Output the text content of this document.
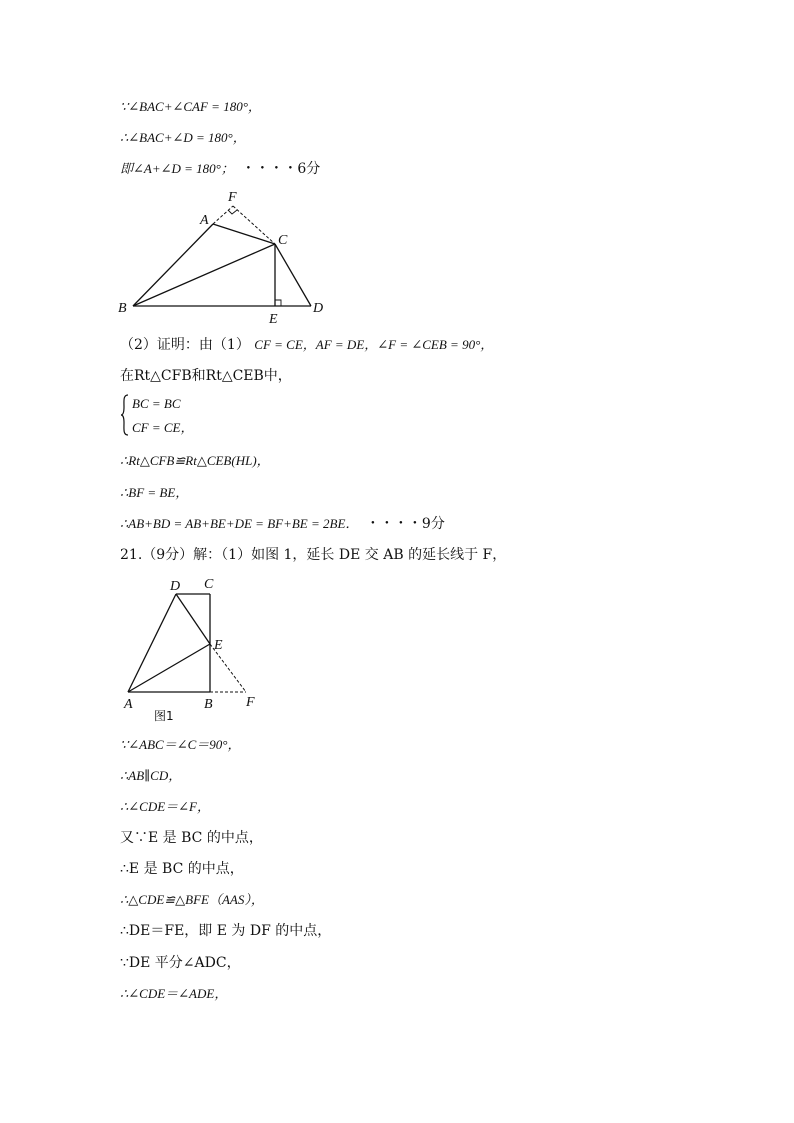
∵∠BAC+∠CAF = 180°，
∴∠BAC+∠D = 180°，
即∠A+∠D = 180°； ・・・・6分
B
A
F
C
E
D
（2）证明：由（1） CF = CE，AF = DE，∠F = ∠CEB = 90°，
在Rt△CFB和Rt△CEB中，
BC = BC
CF = CE，
∴Rt△CFB≌Rt△CEB(HL)，
∴BF = BE，
∴AB+BD = AB+BE+DE = BF+BE = 2BE． ・・・・9分
21.（9分）解：（1）如图 1，延长 DE 交 AB 的延长线于 F，
D C
E
A	B F
图1
∵∠ABC＝∠C＝90°，
∴AB∥CD，
∴∠CDE＝∠F，
又∵E 是 BC 的中点，
∴E 是 BC 的中点，
∴△CDE≌△BFE（AAS），
∴DE＝FE，即 E 为 DF 的中点，
∵DE 平分∠ADC，
∴∠CDE＝∠ADE，
